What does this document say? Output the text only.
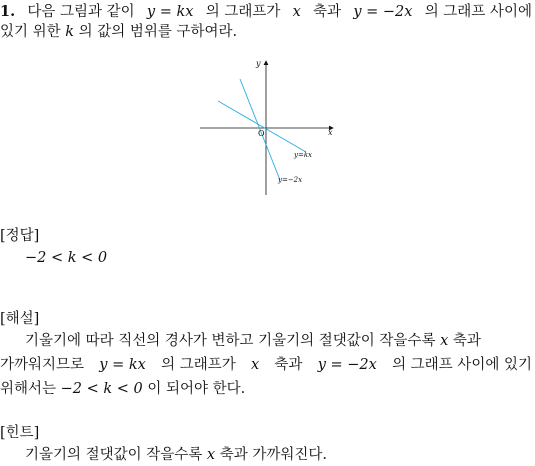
1. 다음 그림과 같이 y = kx 의 그래프가 x 축과 y = −2x 의 그래프 사이에
있기 위한 k 의 값의 범위를 구하여라.
x
y
O
y=kx
y=−2x
[정답]
−2 < k < 0
[해설]
기울기에 따라 직선의 경사가 변하고 기울기의 절댓값이 작을수록 x 축과
가까워지므로 y = kx 의 그래프가 x 축과 y = −2x 의 그래프 사이에 있기
위해서는 −2 < k < 0 이 되어야 한다.
[힌트]
기울기의 절댓값이 작을수록 x 축과 가까워진다.
